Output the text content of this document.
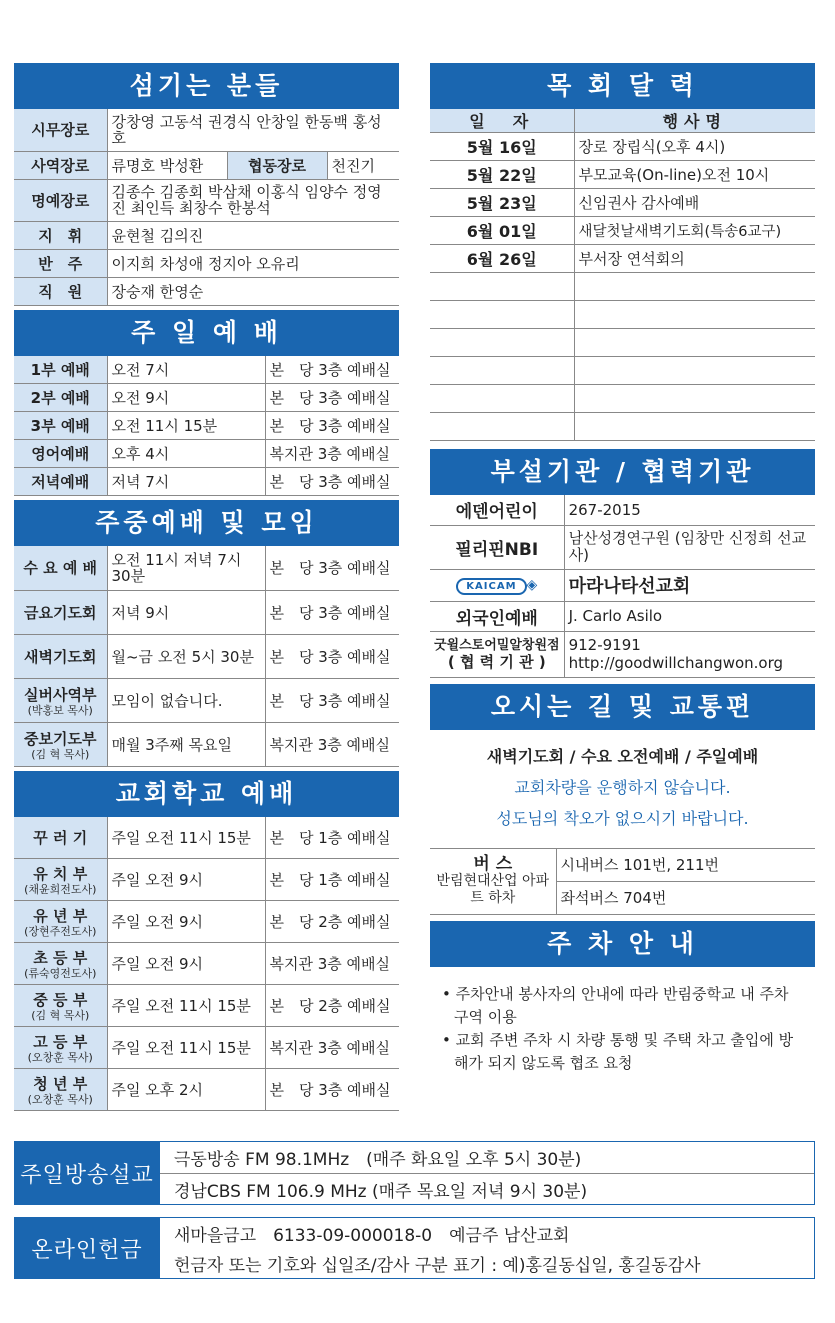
섬기는 분들
시무장로	강창영 고동석 권경식 안창일 한동백 홍성호		
사역장로	류명호 박성환	협동장로	천진기
명예장로	김종수 김종회 박삼채 이홍식 임양수 정영진 최인득 최창수 한봉석		
지　휘	윤현철 김의진		
반　주	이지희 차성애 정지아 오유리		
직　원	장숭재 한영순		
주 일 예 배
1부 예배	오전 7시	본　당 3층 예배실
2부 예배	오전 9시	본　당 3층 예배실
3부 예배	오전 11시 15분	본　당 3층 예배실
영어예배	오후 4시	복지관 3층 예배실
저녁예배	저녁 7시	본　당 3층 예배실
주중예배 및 모임
수 요 예 배	오전 11시 저녁 7시 30분	본　당 3층 예배실
금요기도회	저녁 9시	본　당 3층 예배실
새벽기도회	월~금 오전 5시 30분	본　당 3층 예배실
실버사역부
(박홍보 목사)	모임이 없습니다.	본　당 3층 예배실
중보기도부
(김 혁 목사)	매월 3주째 목요일	복지관 3층 예배실
교회학교 예배
꾸 러 기	주일 오전 11시 15분	본　당 1층 예배실
유 치 부
(채윤희전도사)	주일 오전 9시	본　당 1층 예배실
유 년 부
(장현주전도사)	주일 오전 9시	본　당 2층 예배실
초 등 부
(류숙영전도사)	주일 오전 9시	복지관 3층 예배실
중 등 부
(김 혁 목사)	주일 오전 11시 15분	본　당 2층 예배실
고 등 부
(오창훈 목사)	주일 오전 11시 15분	복지관 3층 예배실
청 년 부
(오창훈 목사)	주일 오후 2시	본　당 3층 예배실
목 회 달 력
일　자	행사명
5월 16일	장로 장립식(오후 4시)
5월 22일	부모교육(On-line)오전 10시
5월 23일	신임권사 감사예배
6월 01일	새달첫날새벽기도회(특송6교구)
6월 26일	부서장 연석회의

부설기관 / 협력기관
에덴어린이	267-2015
필리핀NBI	남산성경연구원 (임창만 신정희 선교사)
KAICAM ◈	마라나타선교회
외국인예배	J. Carlo Asilo
굿윌스토어밀알창원점
( 협 력 기 관 )	912-9191
http://goodwillchangwon.org
오시는 길 및 교통편
새벽기도회 / 수요 오전예배 / 주일예배
교회차량을 운행하지 않습니다.
성도님의 착오가 없으시기 바랍니다.
버 스
반림현대산업 아파트 하차	시내버스 101번, 211번
좌석버스 704번
주 차 안 내
• 주차안내 봉사자의 안내에 따라 반림중학교 내 주차구역 이용
• 교회 주변 주차 시 차량 통행 및 주택 차고 출입에 방해가 되지 않도록 협조 요청
주일방송설교
극동방송 FM 98.1MHz　(매주 화요일 오후 5시 30분)
경남CBS FM 106.9 MHz (매주 목요일 저녁 9시 30분)
온라인헌금
새마을금고　6133-09-000018-0　예금주 남산교회
헌금자 또는 기호와 십일조/감사 구분 표기 : 예)홍길동십일, 홍길동감사
